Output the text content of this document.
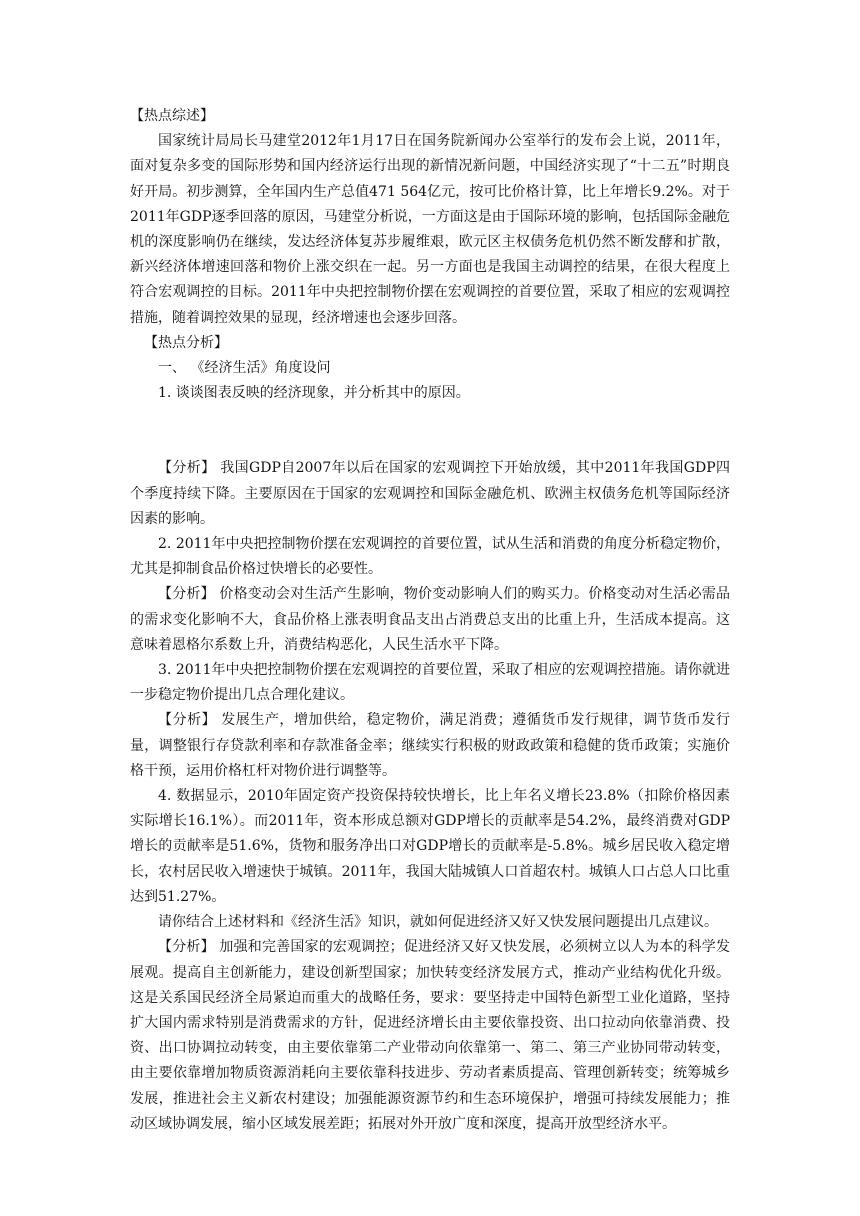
【热点综述】

国家统计局局长马建堂2012年1月17日在国务院新闻办公室举行的发布会上说，2011年，面对复杂多变的国际形势和国内经济运行出现的新情况新问题，中国经济实现了“十二五”时期良好开局。初步测算，全年国内生产总值471 564亿元，按可比价格计算，比上年增长9.2%。对于2011年GDP逐季回落的原因，马建堂分析说，一方面这是由于国际环境的影响，包括国际金融危机的深度影响仍在继续，发达经济体复苏步履维艰，欧元区主权债务危机仍然不断发酵和扩散，新兴经济体增速回落和物价上涨交织在一起。另一方面也是我国主动调控的结果，在很大程度上符合宏观调控的目标。2011年中央把控制物价摆在宏观调控的首要位置，采取了相应的宏观调控措施，随着调控效果的显现，经济增速也会逐步回落。

【热点分析】

一、 《经济生活》角度设问

1. 谈谈图表反映的经济现象，并分析其中的原因。

【分析】 我国GDP自2007年以后在国家的宏观调控下开始放缓，其中2011年我国GDP四个季度持续下降。主要原因在于国家的宏观调控和国际金融危机、欧洲主权债务危机等国际经济因素的影响。

2. 2011年中央把控制物价摆在宏观调控的首要位置，试从生活和消费的角度分析稳定物价，尤其是抑制食品价格过快增长的必要性。

【分析】 价格变动会对生活产生影响，物价变动影响人们的购买力。价格变动对生活必需品的需求变化影响不大，食品价格上涨表明食品支出占消费总支出的比重上升，生活成本提高。这意味着恩格尔系数上升，消费结构恶化，人民生活水平下降。

3. 2011年中央把控制物价摆在宏观调控的首要位置，采取了相应的宏观调控措施。请你就进一步稳定物价提出几点合理化建议。

【分析】 发展生产，增加供给，稳定物价，满足消费；遵循货币发行规律，调节货币发行量，调整银行存贷款利率和存款准备金率；继续实行积极的财政政策和稳健的货币政策；实施价格干预，运用价格杠杆对物价进行调整等。

4. 数据显示，2010年固定资产投资保持较快增长，比上年名义增长23.8%（扣除价格因素实际增长16.1%）。而2011年，资本形成总额对GDP增长的贡献率是54.2%，最终消费对GDP增长的贡献率是51.6%，货物和服务净出口对GDP增长的贡献率是-5.8%。城乡居民收入稳定增长，农村居民收入增速快于城镇。2011年，我国大陆城镇人口首超农村。城镇人口占总人口比重达到51.27%。

请你结合上述材料和《经济生活》知识，就如何促进经济又好又快发展问题提出几点建议。

【分析】 加强和完善国家的宏观调控；促进经济又好又快发展，必须树立以人为本的科学发展观。提高自主创新能力，建设创新型国家；加快转变经济发展方式，推动产业结构优化升级。这是关系国民经济全局紧迫而重大的战略任务，要求：要坚持走中国特色新型工业化道路，坚持扩大国内需求特别是消费需求的方针，促进经济增长由主要依靠投资、出口拉动向依靠消费、投资、出口协调拉动转变，由主要依靠第二产业带动向依靠第一、第二、第三产业协同带动转变，由主要依靠增加物质资源消耗向主要依靠科技进步、劳动者素质提高、管理创新转变；统筹城乡发展，推进社会主义新农村建设；加强能源资源节约和生态环境保护，增强可持续发展能力；推动区域协调发展，缩小区域发展差距；拓展对外开放广度和深度，提高开放型经济水平。
